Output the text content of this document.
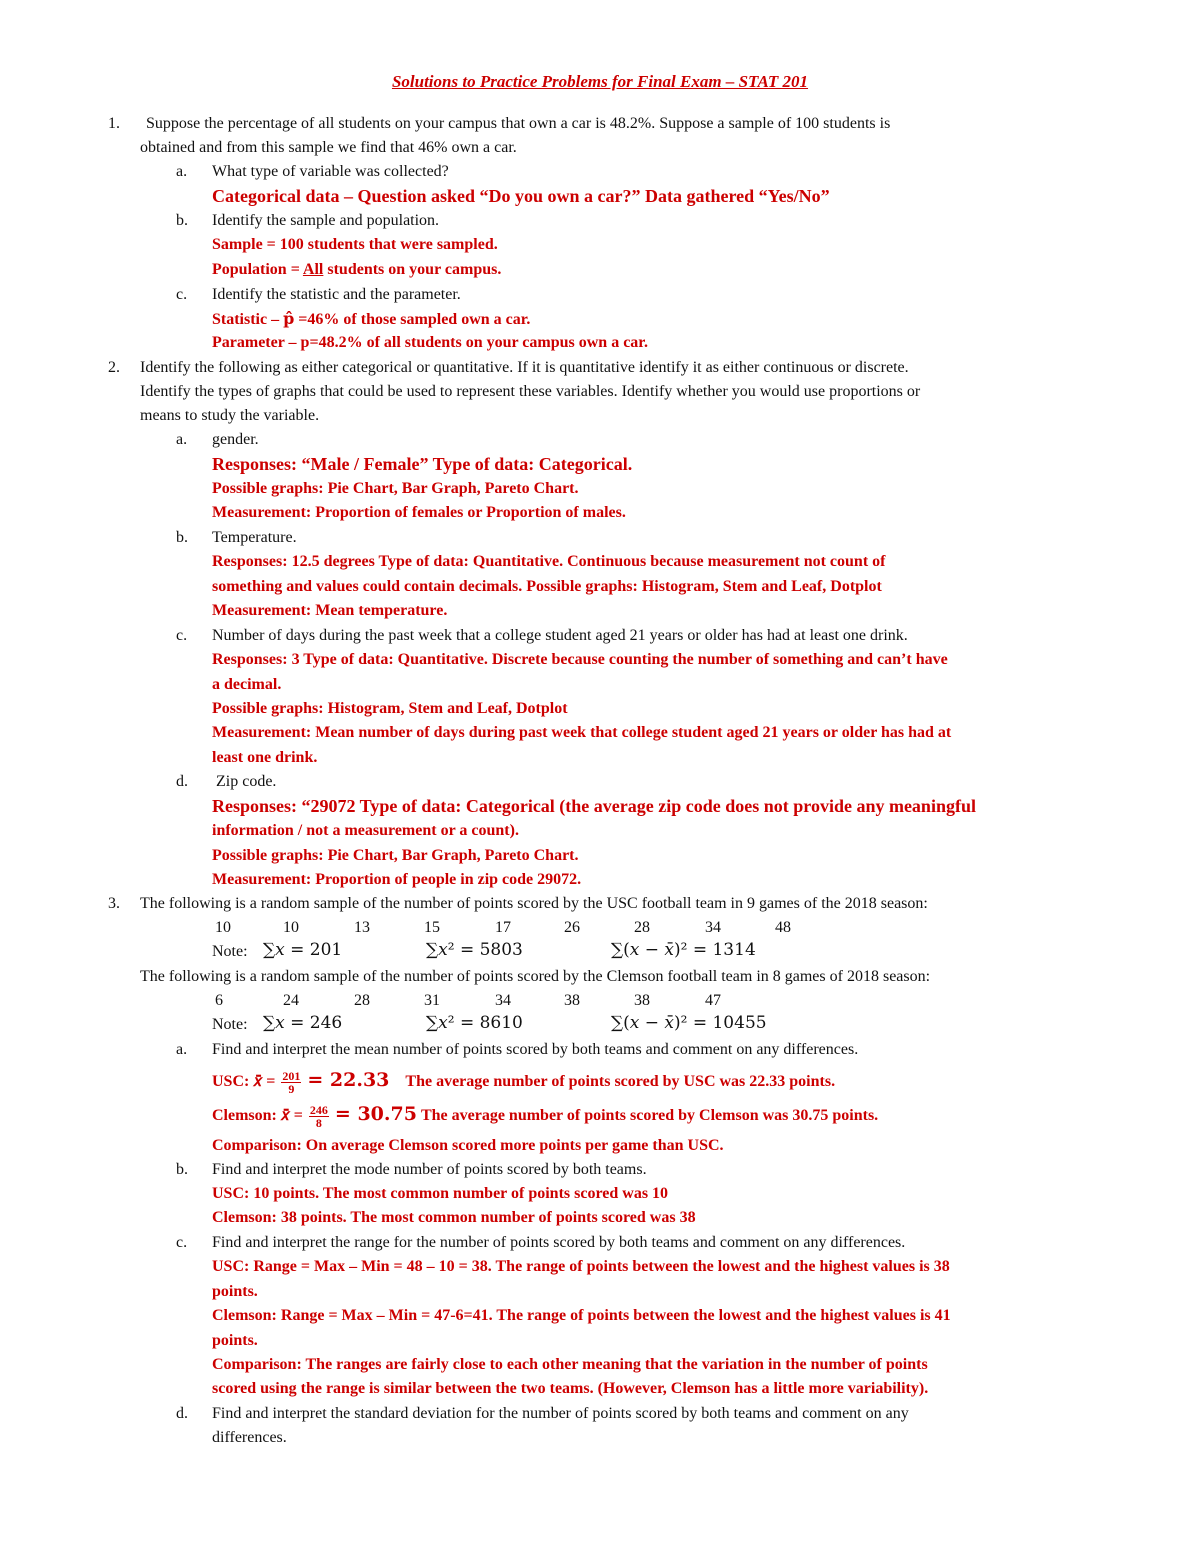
Solutions to Practice Problems for Final Exam – STAT 201
1. Suppose the percentage of all students on your campus that own a car is 48.2%. Suppose a sample of 100 students is
obtained and from this sample we find that 46% own a car.
a. What type of variable was collected?
Categorical data – Question asked “Do you own a car?” Data gathered “Yes/No”
b. Identify the sample and population.
Sample = 100 students that were sampled.
Population = All students on your campus.
c. Identify the statistic and the parameter.
Statistic – p̂ =46% of those sampled own a car.
Parameter – p=48.2% of all students on your campus own a car.
2. Identify the following as either categorical or quantitative. If it is quantitative identify it as either continuous or discrete.
Identify the types of graphs that could be used to represent these variables. Identify whether you would use proportions or
means to study the variable.
a. gender.
Responses: “Male / Female” Type of data: Categorical.
Possible graphs: Pie Chart, Bar Graph, Pareto Chart.
Measurement: Proportion of females or Proportion of males.
b. Temperature.
Responses: 12.5 degrees Type of data: Quantitative. Continuous because measurement not count of
something and values could contain decimals. Possible graphs: Histogram, Stem and Leaf, Dotplot
Measurement: Mean temperature.
c. Number of days during the past week that a college student aged 21 years or older has had at least one drink.
Responses: 3 Type of data: Quantitative. Discrete because counting the number of something and can’t have
a decimal.
Possible graphs: Histogram, Stem and Leaf, Dotplot
Measurement: Mean number of days during past week that college student aged 21 years or older has had at
least one drink.
d. Zip code.
Responses: “29072 Type of data: Categorical (the average zip code does not provide any meaningful
information / not a measurement or a count).
Possible graphs: Pie Chart, Bar Graph, Pareto Chart.
Measurement: Proportion of people in zip code 29072.
3. The following is a random sample of the number of points scored by the USC football team in 9 games of the 2018 season:
10	10	13	15	17	26	28	34	48
Note: ∑𝑥 = 201	∑𝑥² = 5803	∑(𝑥 − 𝑥̄)² = 1314
The following is a random sample of the number of points scored by the Clemson football team in 8 games of 2018 season:
6	24	28	31	34	38	38	47
Note: ∑𝑥 = 246	∑𝑥² = 8610	∑(𝑥 − 𝑥̄)² = 10455
a. Find and interpret the mean number of points scored by both teams and comment on any differences.
USC: 𝑥̄ = $\frac{201}{9} = 22.33$ The average number of points scored by USC was 22.33 points.
Clemson: 𝑥̄ = $\frac{246}{8} = 30.75$ The average number of points scored by Clemson was 30.75 points.
Comparison: On average Clemson scored more points per game than USC.
b. Find and interpret the mode number of points scored by both teams.
USC: 10 points. The most common number of points scored was 10
Clemson: 38 points. The most common number of points scored was 38
c. Find and interpret the range for the number of points scored by both teams and comment on any differences.
USC: Range = Max – Min = 48 – 10 = 38. The range of points between the lowest and the highest values is 38
points.
Clemson: Range = Max – Min = 47-6=41. The range of points between the lowest and the highest values is 41
points.
Comparison: The ranges are fairly close to each other meaning that the variation in the number of points
scored using the range is similar between the two teams. (However, Clemson has a little more variability).
d. Find and interpret the standard deviation for the number of points scored by both teams and comment on any
differences.
